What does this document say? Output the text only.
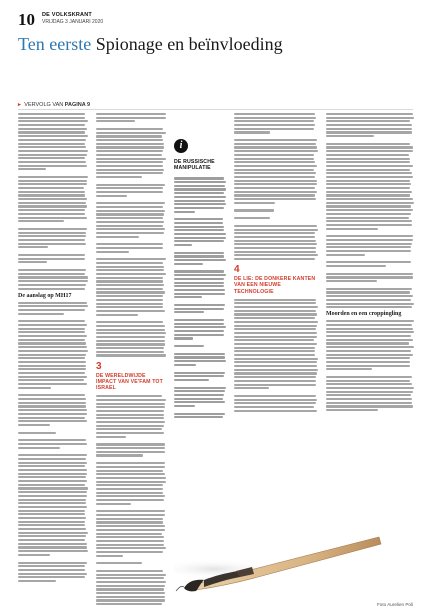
10 DE VOLKSKRANT
VRIJDAG 3 JANUARI 2020
Ten eerste Spionage en beïnvloeding
▸ VERVOLG VAN PAGINA 9
De aanslag op MH17
3
DE WERELDWIJDE IMPACT VAN VE'FAM TOT ISRAEL
i
DE RUSSISCHE MANIPULATIE
4
DE LIE: DE DONKERE KANTEN VAN EEN NIEUWE TECHNOLOGIE
Moorden en een croppingling
Foto Aurelien Poli
